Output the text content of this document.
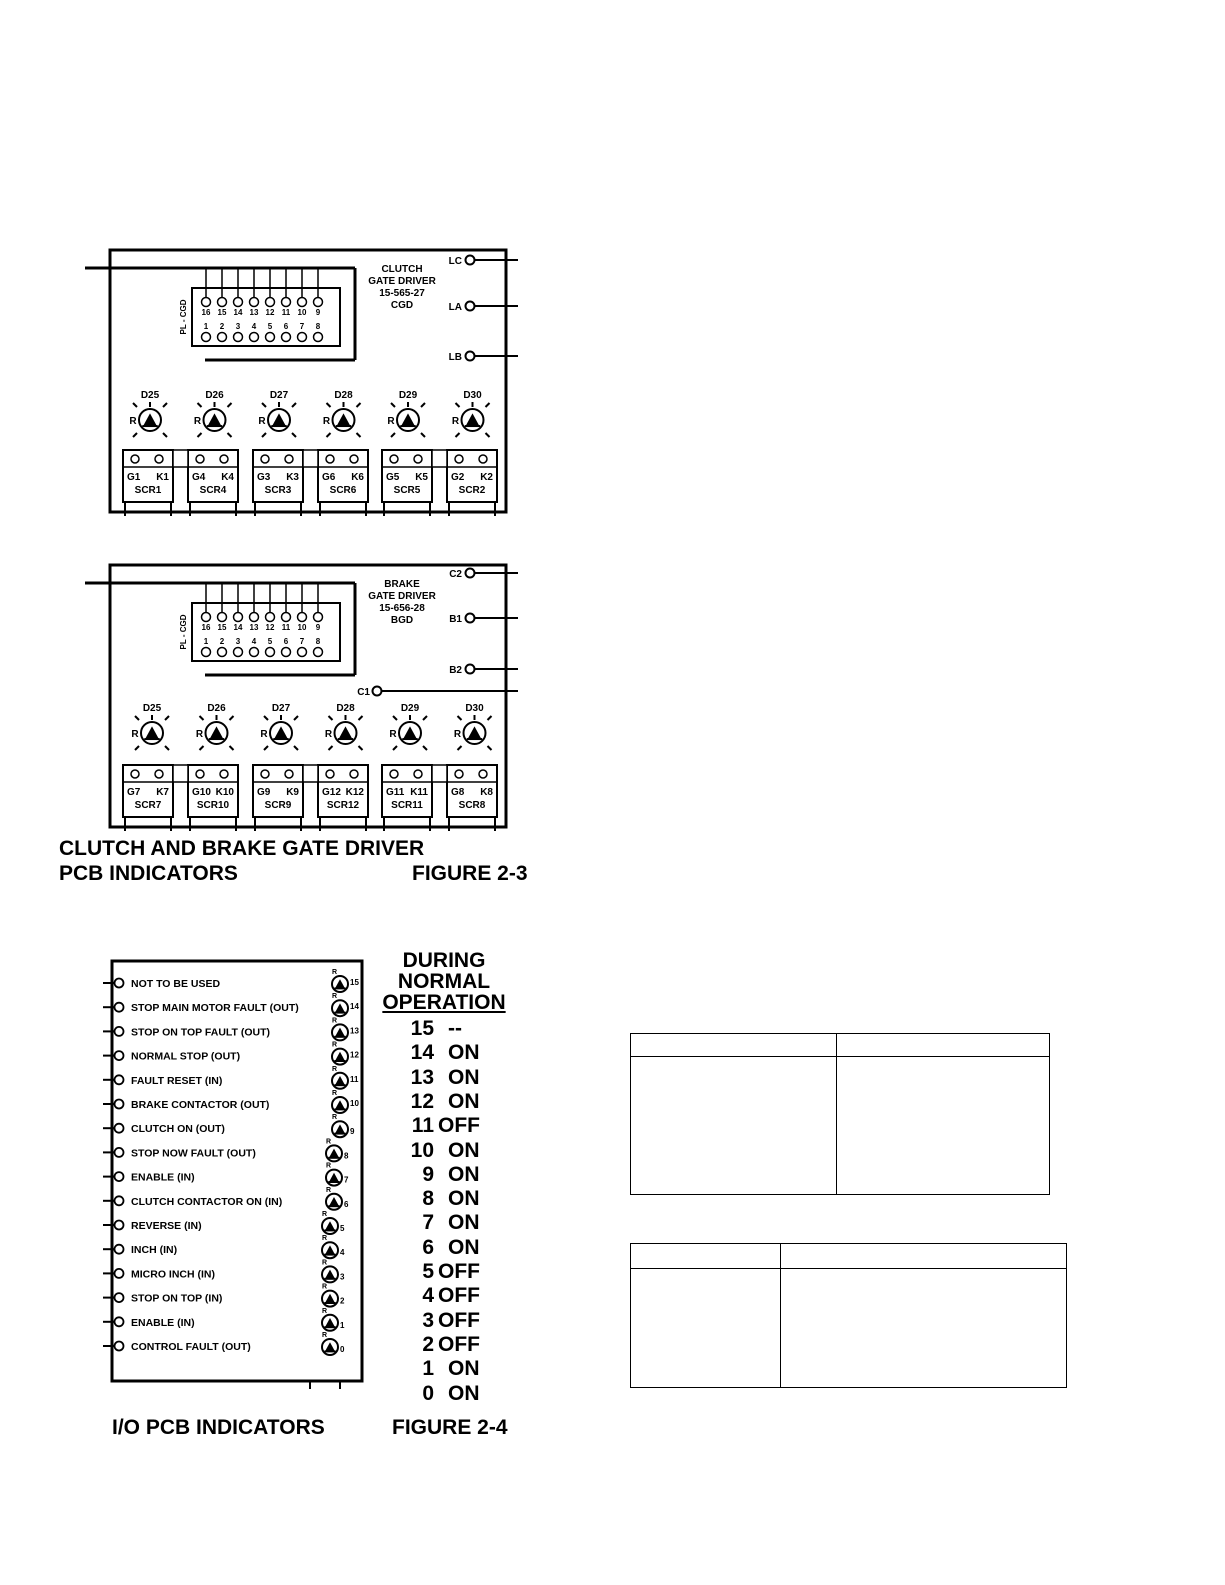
PL - CGD 16 15 14 13 12 11 10 9
1 2 3 4 5 6 7 8
CLUTCH
GATE DRIVER
15-565-27
CGD
LC
LA
LB
D25
R
D26
R
D27
R
D28
R
D29
R
D30
R
G1 K1
SCR1
G4 K4
SCR4
G3 K3
SCR3
G6 K6
SCR6
G5 K5
SCR5
G2 K2
SCR2
PL - CGD 16 15 14 13 12 11 10 9
1 2 3 4 5 6 7 8
BRAKE
GATE DRIVER
15-656-28
BGD
C2
B1
B2
C1
D25
R
D26
R
D27
R
D28
R
D29
R
D30
R
G7 K7
SCR7
G10 K10
SCR10
G9 K9
SCR9
G12 K12
SCR12
G11 K11
SCR11
G8 K8
SCR8
CLUTCH AND BRAKE GATE DRIVER
PCB INDICATORS	FIGURE 2-3
NOT TO BE USED
R
15
STOP MAIN MOTOR FAULT (OUT)
R
14
STOP ON TOP FAULT (OUT)
R
13
NORMAL STOP (OUT)
R
12
FAULT RESET (IN)
R
11
BRAKE CONTACTOR (OUT)
R
10
CLUTCH ON (OUT)
R
9
STOP NOW FAULT (OUT)
R
8
ENABLE (IN)
R
7
CLUTCH CONTACTOR ON (IN)
R
6
REVERSE (IN)
R
5
INCH (IN)
R
4
MICRO INCH (IN)
R
3
STOP ON TOP (IN)
R
2
ENABLE (IN)
R
1
CONTROL FAULT (OUT)
R
0
DURING
NORMAL
OPERATION
15 --
14 ON
13 ON
12 ON
11 OFF
10 ON
9 ON
8 ON
7 ON
6 ON
5 OFF
4 OFF
3 OFF
2 OFF
1 ON
0 ON
I/O PCB INDICATORS	FIGURE 2-4
